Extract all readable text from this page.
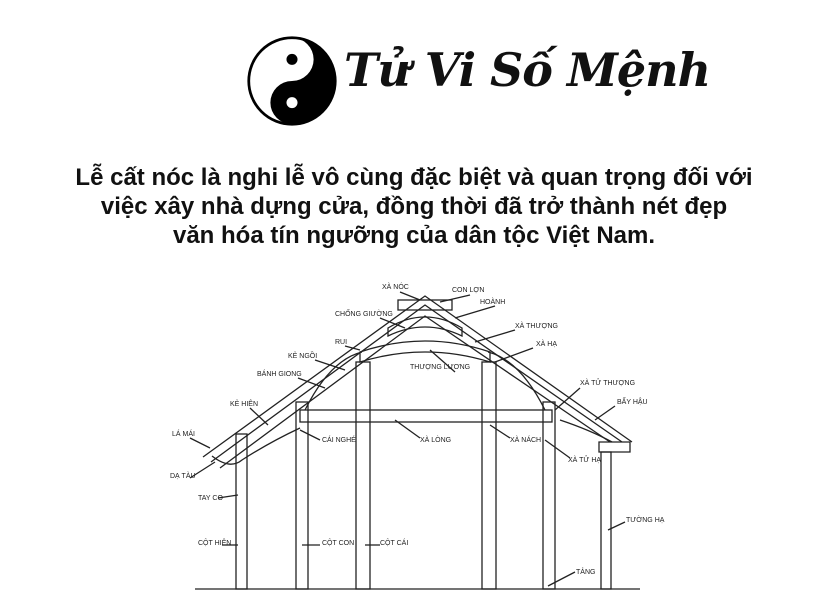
Tử Vi Số Mệnh
Lễ cất nóc là nghi lễ vô cùng đặc biệt và quan trọng đối với
việc xây nhà dựng cửa, đồng thời đã trở thành nét đẹp
văn hóa tín ngưỡng của dân tộc Việt Nam.
XÀ NÓC	CON LỢN
HOÀNH
CHỐNG GIƯỜNG
XÀ THƯỢNG
RUI	XÀ HẠ
KẺ NGỒI
THƯỢNG LƯƠNG
BÁNH GIONG
XÀ TỬ THƯỢNG
BẨY HẬU
KẺ HIÊN
XÀ LÒNG	XÀ NÁCH
LÁ MÁI
CÁI NGHÉ
XÀ TỬ HẠ
DẠ TÀU
TAY CO
TƯỜNG HẠ
CỘT HIÊN	CỘT CON	CỘT CÁI
TẢNG
